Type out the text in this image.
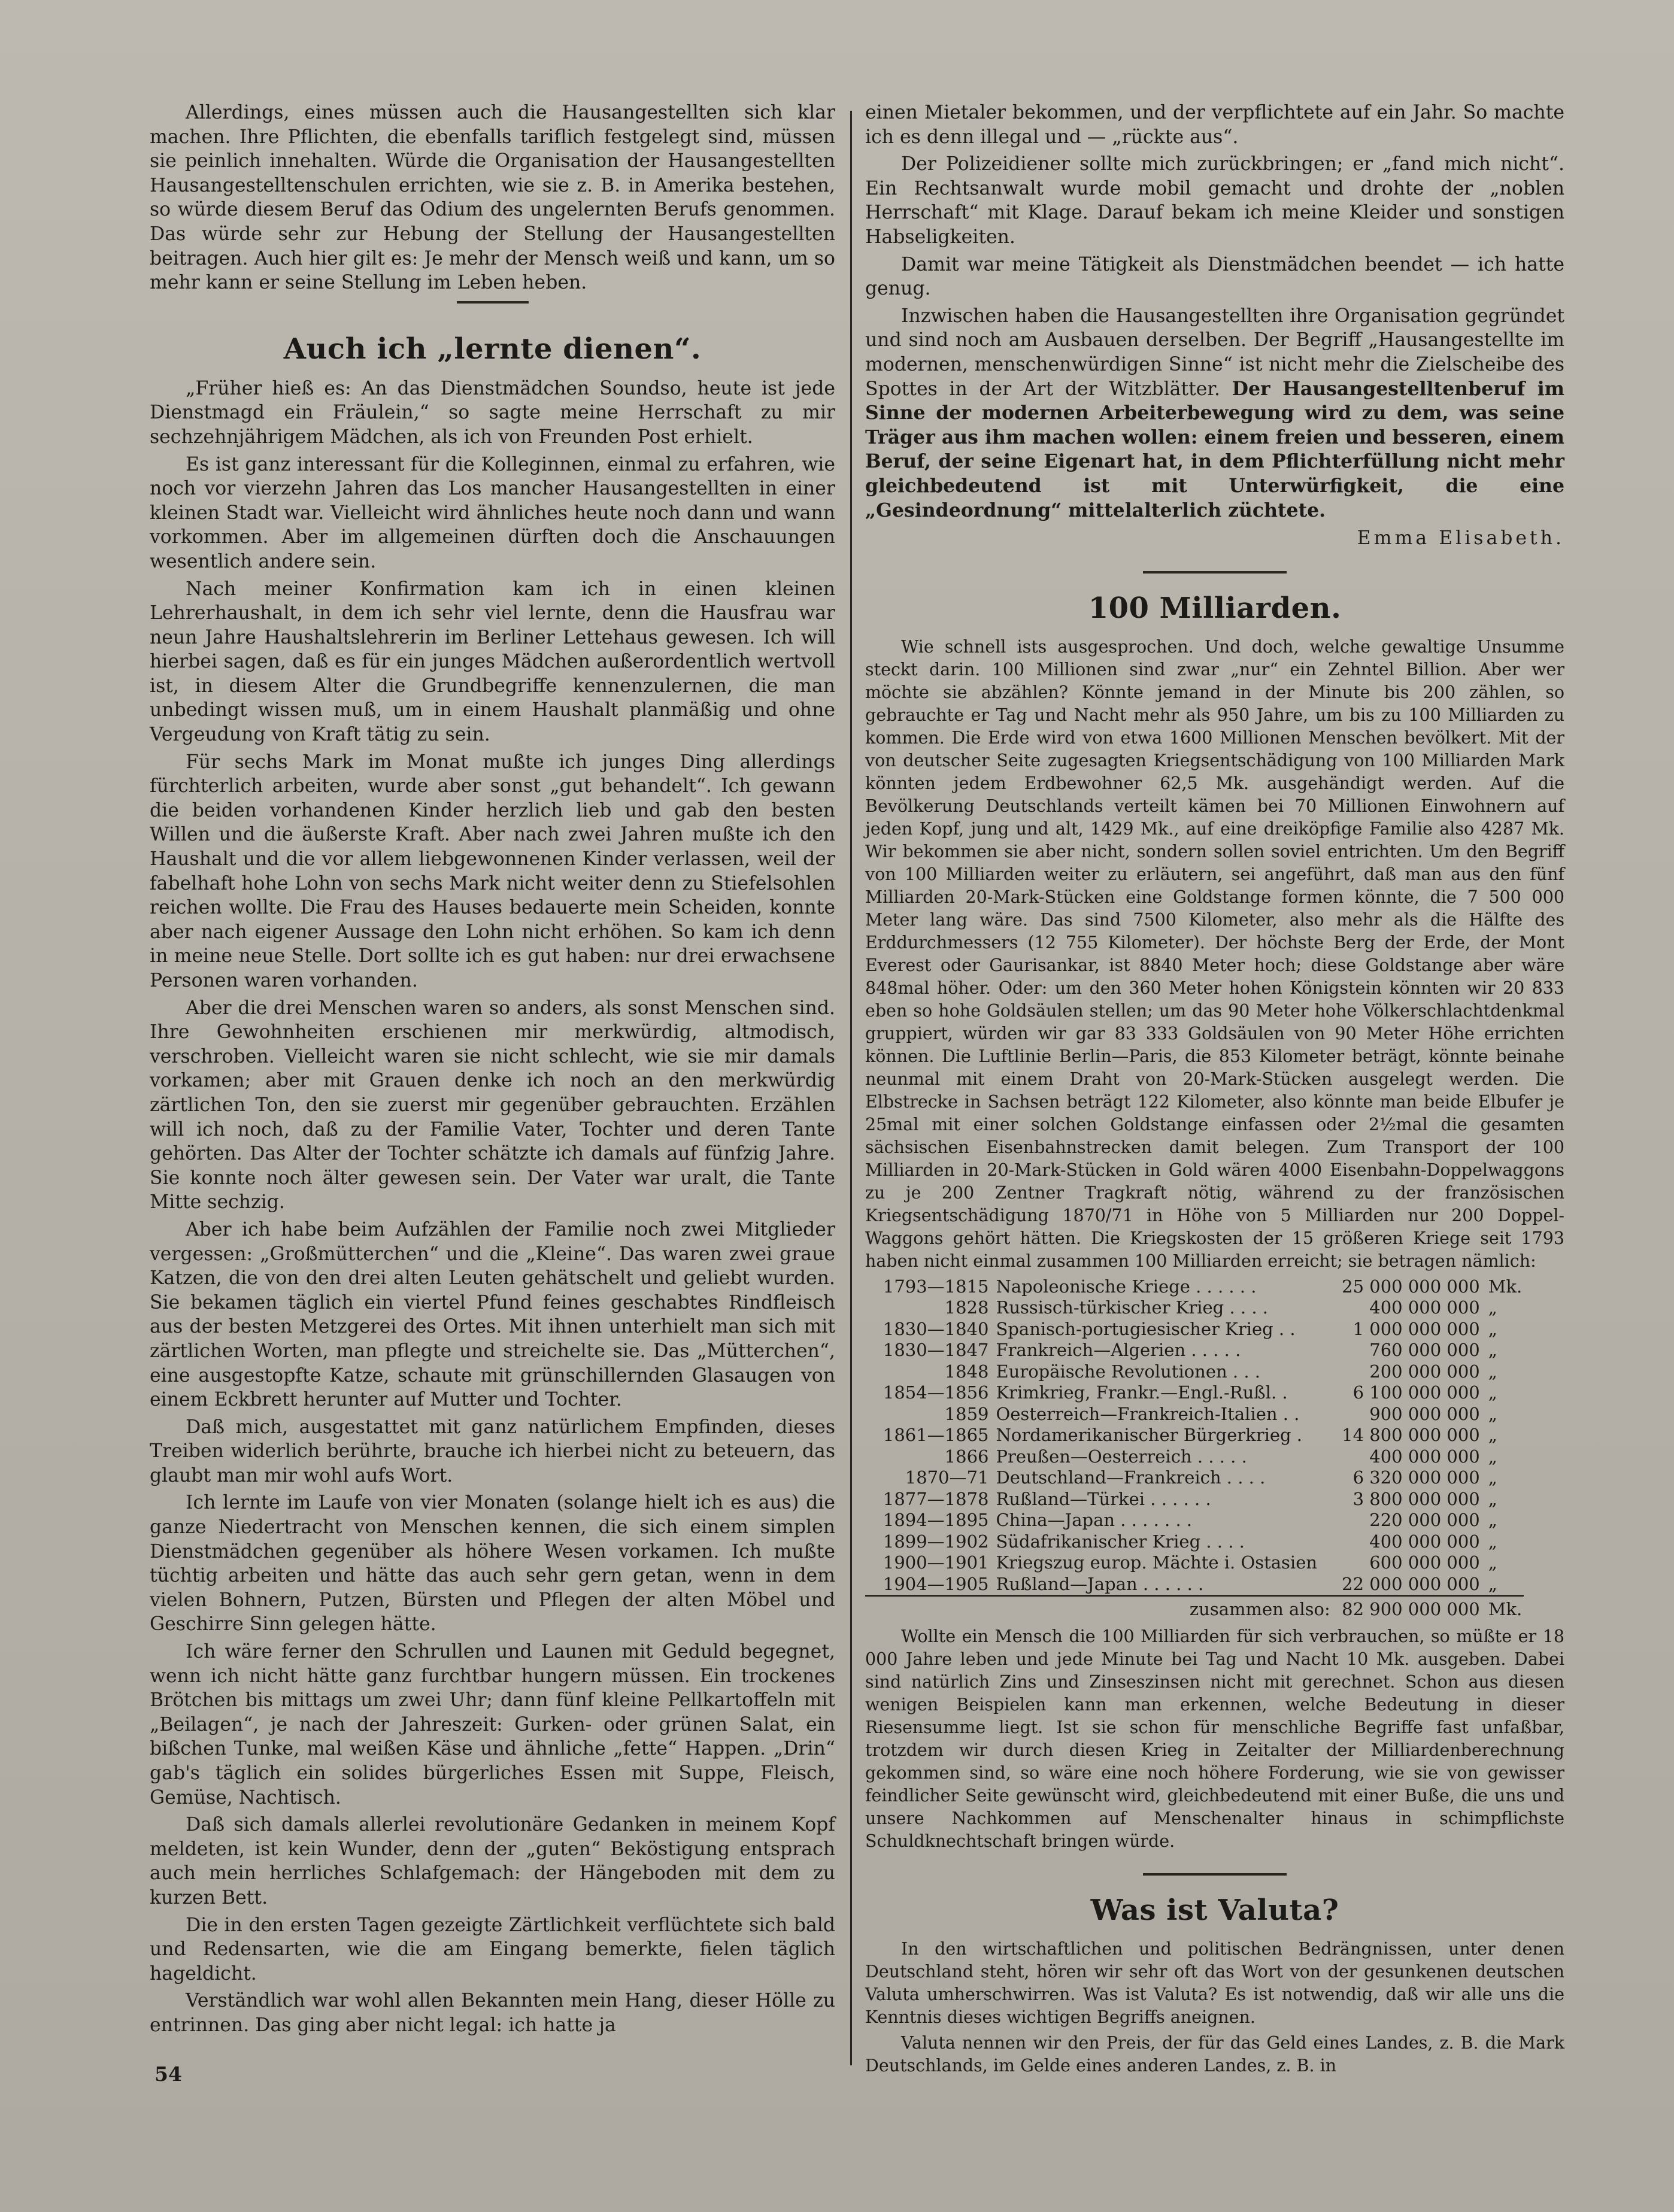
Allerdings, eines müssen auch die Hausangestellten sich klar machen. Ihre Pflichten, die ebenfalls tariflich festgelegt sind, müssen sie peinlich innehalten. Würde die Organisation der Hausangestellten Hausangestelltenschulen errichten, wie sie z. B. in Amerika bestehen, so würde diesem Beruf das Odium des ungelernten Berufs genommen. Das würde sehr zur Hebung der Stellung der Hausangestellten beitragen. Auch hier gilt es: Je mehr der Mensch weiß und kann, um so mehr kann er seine Stellung im Leben heben.

Auch ich „lernte dienen“.

„Früher hieß es: An das Dienstmädchen Soundso, heute ist jede Dienstmagd ein Fräulein,“ so sagte meine Herrschaft zu mir sechzehnjährigem Mädchen, als ich von Freunden Post erhielt.

Es ist ganz interessant für die Kolleginnen, einmal zu erfahren, wie noch vor vierzehn Jahren das Los mancher Hausangestellten in einer kleinen Stadt war. Vielleicht wird ähnliches heute noch dann und wann vorkommen. Aber im allgemeinen dürften doch die Anschauungen wesentlich andere sein.

Nach meiner Konfirmation kam ich in einen kleinen Lehrerhaushalt, in dem ich sehr viel lernte, denn die Hausfrau war neun Jahre Haushaltslehrerin im Berliner Lettehaus gewesen. Ich will hierbei sagen, daß es für ein junges Mädchen außerordentlich wertvoll ist, in diesem Alter die Grundbegriffe kennenzulernen, die man unbedingt wissen muß, um in einem Haushalt planmäßig und ohne Vergeudung von Kraft tätig zu sein.

Für sechs Mark im Monat mußte ich junges Ding allerdings fürchterlich arbeiten, wurde aber sonst „gut behandelt“. Ich gewann die beiden vorhandenen Kinder herzlich lieb und gab den besten Willen und die äußerste Kraft. Aber nach zwei Jahren mußte ich den Haushalt und die vor allem liebgewonnenen Kinder verlassen, weil der fabelhaft hohe Lohn von sechs Mark nicht weiter denn zu Stiefelsohlen reichen wollte. Die Frau des Hauses bedauerte mein Scheiden, konnte aber nach eigener Aussage den Lohn nicht erhöhen. So kam ich denn in meine neue Stelle. Dort sollte ich es gut haben: nur drei erwachsene Personen waren vorhanden.

Aber die drei Menschen waren so anders, als sonst Menschen sind. Ihre Gewohnheiten erschienen mir merkwürdig, altmodisch, verschroben. Vielleicht waren sie nicht schlecht, wie sie mir damals vorkamen; aber mit Grauen denke ich noch an den merkwürdig zärtlichen Ton, den sie zuerst mir gegenüber gebrauchten. Erzählen will ich noch, daß zu der Familie Vater, Tochter und deren Tante gehörten. Das Alter der Tochter schätzte ich damals auf fünfzig Jahre. Sie konnte noch älter gewesen sein. Der Vater war uralt, die Tante Mitte sechzig.

Aber ich habe beim Aufzählen der Familie noch zwei Mitglieder vergessen: „Großmütterchen“ und die „Kleine“. Das waren zwei graue Katzen, die von den drei alten Leuten gehätschelt und geliebt wurden. Sie bekamen täglich ein viertel Pfund feines geschabtes Rindfleisch aus der besten Metzgerei des Ortes. Mit ihnen unterhielt man sich mit zärtlichen Worten, man pflegte und streichelte sie. Das „Mütterchen“, eine ausgestopfte Katze, schaute mit grünschillernden Glasaugen von einem Eckbrett herunter auf Mutter und Tochter.

Daß mich, ausgestattet mit ganz natürlichem Empfinden, dieses Treiben widerlich berührte, brauche ich hierbei nicht zu beteuern, das glaubt man mir wohl aufs Wort.

Ich lernte im Laufe von vier Monaten (solange hielt ich es aus) die ganze Niedertracht von Menschen kennen, die sich einem simplen Dienstmädchen gegenüber als höhere Wesen vorkamen. Ich mußte tüchtig arbeiten und hätte das auch sehr gern getan, wenn in dem vielen Bohnern, Putzen, Bürsten und Pflegen der alten Möbel und Geschirre Sinn gelegen hätte.

Ich wäre ferner den Schrullen und Launen mit Geduld begegnet, wenn ich nicht hätte ganz furchtbar hungern müssen. Ein trockenes Brötchen bis mittags um zwei Uhr; dann fünf kleine Pellkartoffeln mit „Beilagen“, je nach der Jahreszeit: Gurken- oder grünen Salat, ein bißchen Tunke, mal weißen Käse und ähnliche „fette“ Happen. „Drin“ gab's täglich ein solides bürgerliches Essen mit Suppe, Fleisch, Gemüse, Nachtisch.

Daß sich damals allerlei revolutionäre Gedanken in meinem Kopf meldeten, ist kein Wunder, denn der „guten“ Beköstigung entsprach auch mein herrliches Schlafgemach: der Hängeboden mit dem zu kurzen Bett.

Die in den ersten Tagen gezeigte Zärtlichkeit verflüchtete sich bald und Redensarten, wie die am Eingang bemerkte, fielen täglich hageldicht.

Verständlich war wohl allen Bekannten mein Hang, dieser Hölle zu entrinnen. Das ging aber nicht legal: ich hatte ja

einen Mietaler bekommen, und der verpflichtete auf ein Jahr. So machte ich es denn illegal und — „rückte aus“.

Der Polizeidiener sollte mich zurückbringen; er „fand mich nicht“. Ein Rechtsanwalt wurde mobil gemacht und drohte der „noblen Herrschaft“ mit Klage. Darauf bekam ich meine Kleider und sonstigen Habseligkeiten.

Damit war meine Tätigkeit als Dienstmädchen beendet — ich hatte genug.

Inzwischen haben die Hausangestellten ihre Organisation gegründet und sind noch am Ausbauen derselben. Der Begriff „Hausangestellte im modernen, menschenwürdigen Sinne“ ist nicht mehr die Zielscheibe des Spottes in der Art der Witzblätter. Der Hausangestelltenberuf im Sinne der modernen Arbeiterbewegung wird zu dem, was seine Träger aus ihm machen wollen: einem freien und besseren, einem Beruf, der seine Eigenart hat, in dem Pflichterfüllung nicht mehr gleichbedeutend ist mit Unterwürfigkeit, die eine „Gesindeordnung“ mittelalterlich züchtete.

Emma Elisabeth.
100 Milliarden.

Wie schnell ists ausgesprochen. Und doch, welche gewaltige Unsumme steckt darin. 100 Millionen sind zwar „nur“ ein Zehntel Billion. Aber wer möchte sie abzählen? Könnte jemand in der Minute bis 200 zählen, so gebrauchte er Tag und Nacht mehr als 950 Jahre, um bis zu 100 Milliarden zu kommen. Die Erde wird von etwa 1600 Millionen Menschen bevölkert. Mit der von deutscher Seite zugesagten Kriegsentschädigung von 100 Milliarden Mark könnten jedem Erdbewohner 62,5 Mk. ausgehändigt werden. Auf die Bevölkerung Deutschlands verteilt kämen bei 70 Millionen Einwohnern auf jeden Kopf, jung und alt, 1429 Mk., auf eine dreiköpfige Familie also 4287 Mk. Wir bekommen sie aber nicht, sondern sollen soviel entrichten. Um den Begriff von 100 Milliarden weiter zu erläutern, sei angeführt, daß man aus den fünf Milliarden 20-Mark-Stücken eine Goldstange formen könnte, die 7 500 000 Meter lang wäre. Das sind 7500 Kilometer, also mehr als die Hälfte des Erddurchmessers (12 755 Kilometer). Der höchste Berg der Erde, der Mont Everest oder Gaurisankar, ist 8840 Meter hoch; diese Goldstange aber wäre 848mal höher. Oder: um den 360 Meter hohen Königstein könnten wir 20 833 eben so hohe Goldsäulen stellen; um das 90 Meter hohe Völkerschlachtdenkmal gruppiert, würden wir gar 83 333 Goldsäulen von 90 Meter Höhe errichten können. Die Luftlinie Berlin—Paris, die 853 Kilometer beträgt, könnte beinahe neunmal mit einem Draht von 20-Mark-Stücken ausgelegt werden. Die Elbstrecke in Sachsen beträgt 122 Kilometer, also könnte man beide Elbufer je 25mal mit einer solchen Goldstange einfassen oder 2½mal die gesamten sächsischen Eisenbahnstrecken damit belegen. Zum Transport der 100 Milliarden in 20-Mark-Stücken in Gold wären 4000 Eisenbahn-Doppelwaggons zu je 200 Zentner Tragkraft nötig, während zu der französischen Kriegsentschädigung 1870/71 in Höhe von 5 Milliarden nur 200 Doppel-Waggons gehört hätten. Die Kriegskosten der 15 größeren Kriege seit 1793 haben nicht einmal zusammen 100 Milliarden erreicht; sie betragen nämlich:

1793—1815	Napoleonische Kriege . . . . . .	25 000 000 000	Mk.
1828	Russisch-türkischer Krieg . . . .	400 000 000	„
1830—1840	Spanisch-portugiesischer Krieg . .	1 000 000 000	„
1830—1847	Frankreich—Algerien . . . . .	760 000 000	„
1848	Europäische Revolutionen . . .	200 000 000	„
1854—1856	Krimkrieg, Frankr.—Engl.-Rußl. .	6 100 000 000	„
1859	Oesterreich—Frankreich-Italien . .	900 000 000	„
1861—1865	Nordamerikanischer Bürgerkrieg .	14 800 000 000	„
1866	Preußen—Oesterreich . . . . .	400 000 000	„
1870—71	Deutschland—Frankreich . . . .	6 320 000 000	„
1877—1878	Rußland—Türkei . . . . . .	3 800 000 000	„
1894—1895	China—Japan . . . . . . .	220 000 000	„
1899—1902	Südafrikanischer Krieg . . . .	400 000 000	„
1900—1901	Kriegszug europ. Mächte i. Ostasien	600 000 000	„
1904—1905	Rußland—Japan . . . . . .	22 000 000 000	„
zusammen also:		82 900 000 000	Mk.

Wollte ein Mensch die 100 Milliarden für sich verbrauchen, so müßte er 18 000 Jahre leben und jede Minute bei Tag und Nacht 10 Mk. ausgeben. Dabei sind natürlich Zins und Zinseszinsen nicht mit gerechnet. Schon aus diesen wenigen Beispielen kann man erkennen, welche Bedeutung in dieser Riesensumme liegt. Ist sie schon für menschliche Begriffe fast unfaßbar, trotzdem wir durch diesen Krieg in Zeitalter der Milliardenberechnung gekommen sind, so wäre eine noch höhere Forderung, wie sie von gewisser feindlicher Seite gewünscht wird, gleichbedeutend mit einer Buße, die uns und unsere Nachkommen auf Menschenalter hinaus in schimpflichste Schuldknechtschaft bringen würde.

Was ist Valuta?

In den wirtschaftlichen und politischen Bedrängnissen, unter denen Deutschland steht, hören wir sehr oft das Wort von der gesunkenen deutschen Valuta umherschwirren. Was ist Valuta? Es ist notwendig, daß wir alle uns die Kenntnis dieses wichtigen Begriffs aneignen.

Valuta nennen wir den Preis, der für das Geld eines Landes, z. B. die Mark Deutschlands, im Gelde eines anderen Landes, z. B. in

54
